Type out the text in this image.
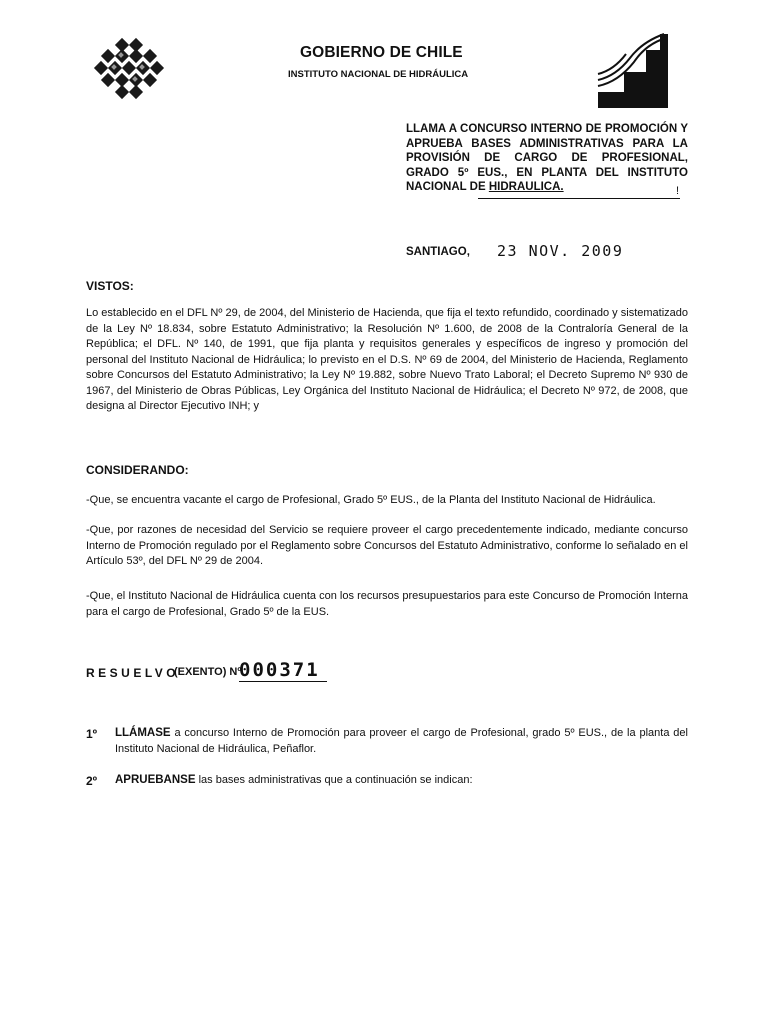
GOBIERNO DE CHILE
INSTITUTO NACIONAL DE HIDRÁULICA
LLAMA A CONCURSO INTERNO DE PROMOCIÓN Y APRUEBA BASES ADMINISTRATIVAS PARA LA PROVISIÓN DE CARGO DE PROFESIONAL, GRADO 5º EUS., EN PLANTA DEL INSTITUTO NACIONAL DE HIDRAULICA.	!
SANTIAGO, 23 NOV. 2009
VISTOS:

Lo establecido en el DFL Nº 29, de 2004, del Ministerio de Hacienda, que fija el texto refundido, coordinado y sistematizado de la Ley Nº 18.834, sobre Estatuto Administrativo; la Resolución Nº 1.600, de 2008 de la Contraloría General de la República; el DFL. Nº 140, de 1991, que fija planta y requisitos generales y específicos de ingreso y promoción del personal del Instituto Nacional de Hidráulica; lo previsto en el D.S. Nº 69 de 2004, del Ministerio de Hacienda, Reglamento sobre Concursos del Estatuto Administrativo; la Ley Nº 19.882, sobre Nuevo Trato Laboral; el Decreto Supremo Nº 930 de 1967, del Ministerio de Obras Públicas, Ley Orgánica del Instituto Nacional de Hidráulica; el Decreto Nº 972, de 2008, que designa al Director Ejecutivo INH; y

CONSIDERANDO:

-Que, se encuentra vacante el cargo de Profesional, Grado 5º EUS., de la Planta del Instituto Nacional de Hidráulica.

-Que, por razones de necesidad del Servicio se requiere proveer el cargo precedentemente indicado, mediante concurso Interno de Promoción regulado por el Reglamento sobre Concursos del Estatuto Administrativo, conforme lo señalado en el Artículo 53º, del DFL Nº 29 de 2004.

-Que, el Instituto Nacional de Hidráulica cuenta con los recursos presupuestarios para este Concurso de Promoción Interna para el cargo de Profesional, Grado 5º de la EUS.

RESUELVO
(EXENTO) Nº
000371
1º LLÁMASE a concurso Interno de Promoción para proveer el cargo de Profesional, grado 5º EUS., de la planta del Instituto Nacional de Hidráulica, Peñaflor.

2º APRUEBANSE las bases administrativas que a continuación se indican:
